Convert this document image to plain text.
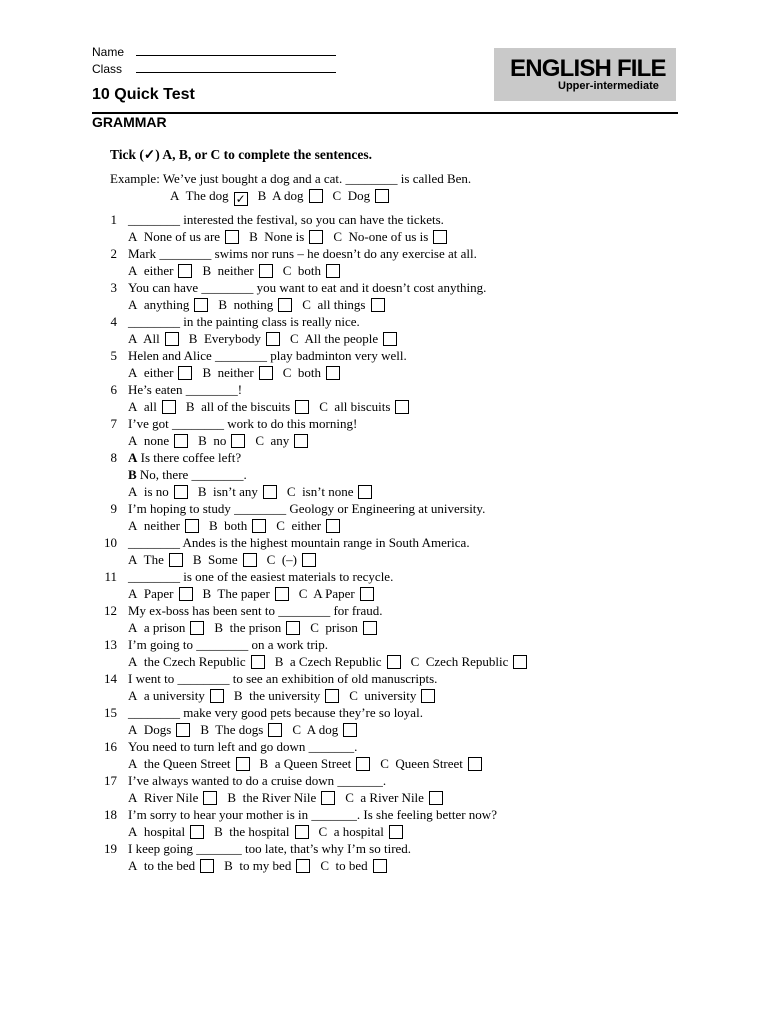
Name
Class	ENGLISH FILE
Upper-intermediate
10 Quick Test
GRAMMAR
Tick (✓) A, B, or C to complete the sentences.
Example: We’ve just bought a dog and a cat. ________ is called Ben.
A  The dog ✓ B  A dog C  Dog
1 ________ interested the festival, so you can have the tickets.
A  None of us are B  None is C  No-one of us is
2 Mark ________ swims nor runs – he doesn’t do any exercise at all.
A  either B  neither C  both
3 You can have ________ you want to eat and it doesn’t cost anything.
A  anything B  nothing C  all things
4 ________ in the painting class is really nice.
A  All B  Everybody C  All the people
5 Helen and Alice ________ play badminton very well.
A  either B  neither C  both
6 He’s eaten ________!
A  all B  all of the biscuits C  all biscuits
7 I’ve got ________ work to do this morning!
A  none B  no C  any
8 A Is there coffee left?
B No, there ________.
A  is no B  isn’t any C  isn’t none
9 I’m hoping to study ________ Geology or Engineering at university.
A  neither B  both C  either
10 ________ Andes is the highest mountain range in South America.
A  The B  Some C  (–)
11 ________ is one of the easiest materials to recycle.
A  Paper B  The paper C  A Paper
12 My ex-boss has been sent to ________ for fraud.
A  a prison B  the prison C  prison
13 I’m going to ________ on a work trip.
A  the Czech Republic B  a Czech Republic C  Czech Republic
14 I went to ________ to see an exhibition of old manuscripts.
A  a university B  the university C  university
15 ________ make very good pets because they’re so loyal.
A  Dogs B  The dogs C  A dog
16 You need to turn left and go down _______.
A  the Queen Street B  a Queen Street C  Queen Street
17 I’ve always wanted to do a cruise down _______.
A  River Nile B  the River Nile C  a River Nile
18 I’m sorry to hear your mother is in _______. Is she feeling better now?
A  hospital B  the hospital C  a hospital
19 I keep going _______ too late, that’s why I’m so tired.
A  to the bed B  to my bed C  to bed
